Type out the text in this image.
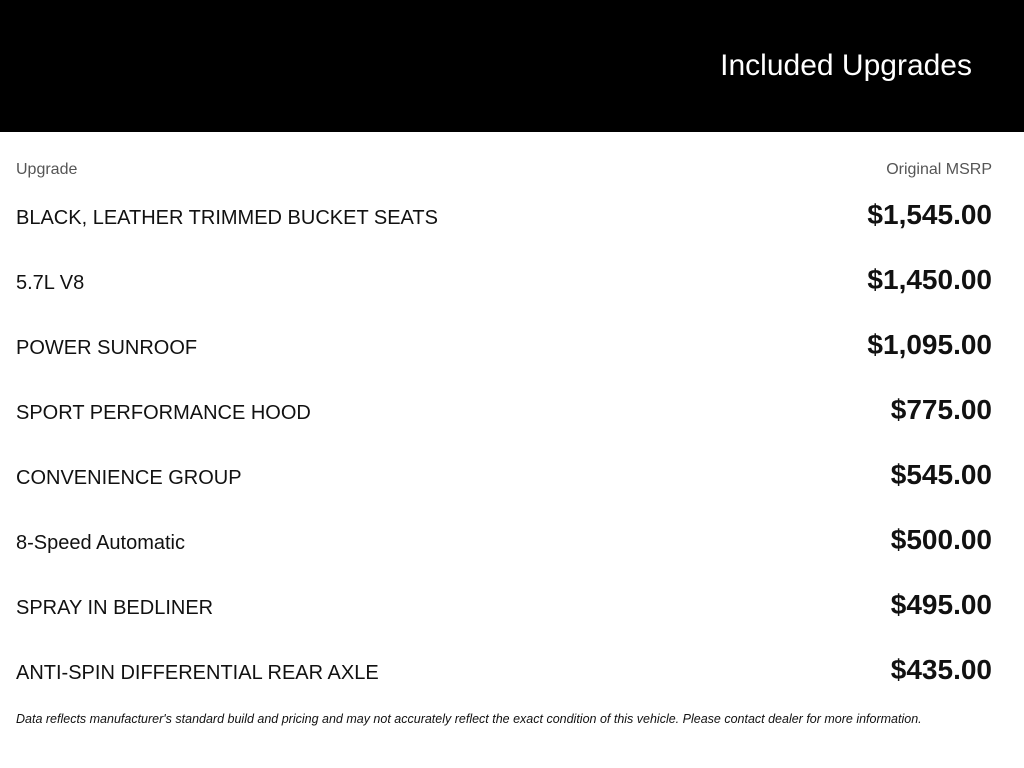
Included Upgrades
Upgrade	Original MSRP
BLACK, LEATHER TRIMMED BUCKET SEATS	$1,545.00
5.7L V8	$1,450.00
POWER SUNROOF	$1,095.00
SPORT PERFORMANCE HOOD	$775.00
CONVENIENCE GROUP	$545.00
8-Speed Automatic	$500.00
SPRAY IN BEDLINER	$495.00
ANTI-SPIN DIFFERENTIAL REAR AXLE	$435.00
Data reflects manufacturer's standard build and pricing and may not accurately reflect the exact condition of this vehicle. Please contact dealer for more information.
